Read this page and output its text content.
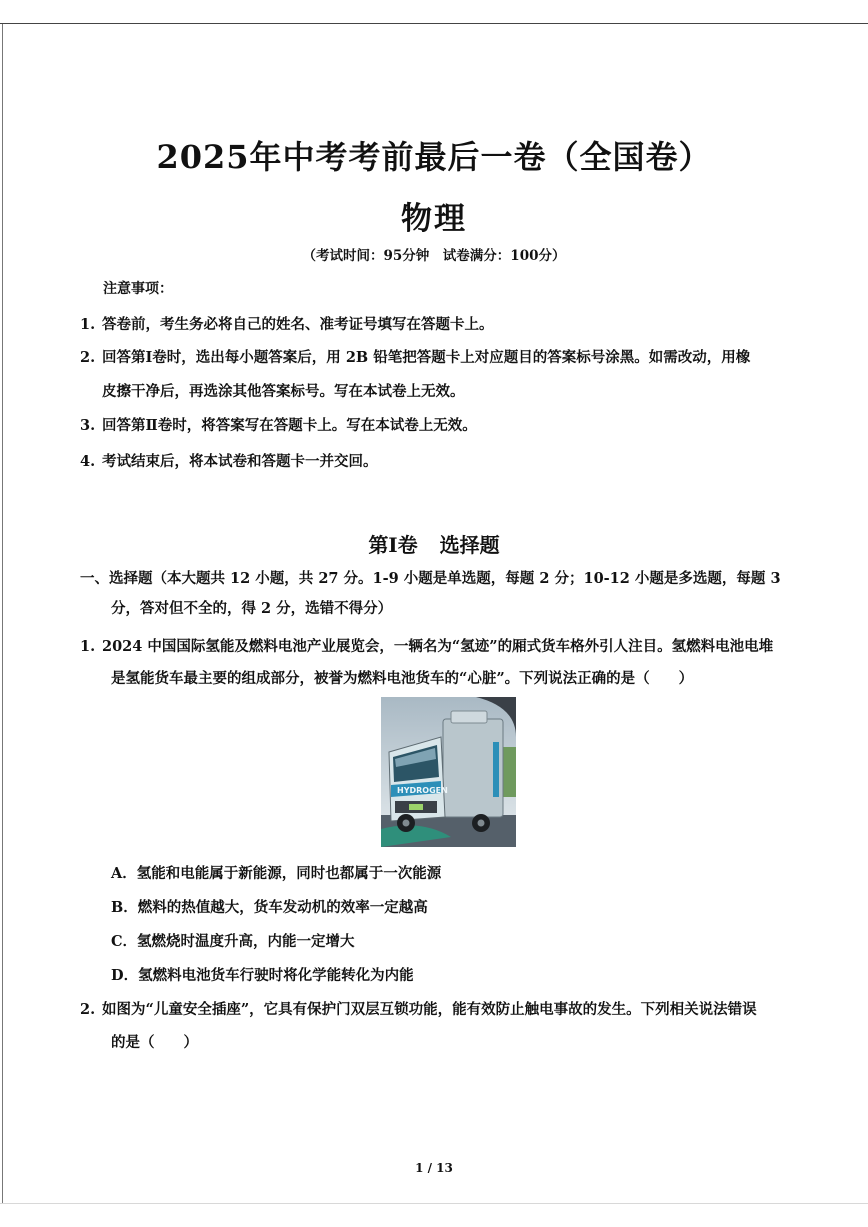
2025年中考考前最后一卷（全国卷）
物理
（考试时间：95分钟　试卷满分：100分）
注意事项：
1. 答卷前，考生务必将自己的姓名、准考证号填写在答题卡上。
2. 回答第Ⅰ卷时，选出每小题答案后，用 2B 铅笔把答题卡上对应题目的答案标号涂黑。如需改动，用橡
皮擦干净后，再选涂其他答案标号。写在本试卷上无效。
3. 回答第Ⅱ卷时，将答案写在答题卡上。写在本试卷上无效。
4. 考试结束后，将本试卷和答题卡一并交回。
第Ⅰ卷 选择题
一、选择题（本大题共 12 小题，共 27 分。1-9 小题是单选题，每题 2 分；10-12 小题是多选题，每题 3
分，答对但不全的，得 2 分，选错不得分）
1. 2024 中国国际氢能及燃料电池产业展览会，一辆名为“氢迹”的厢式货车格外引人注目。氢燃料电池电堆
是氢能货车最主要的组成部分，被誉为燃料电池货车的“心脏”。下列说法正确的是（　　）
HYDROGEN
A．氢能和电能属于新能源，同时也都属于一次能源
B．燃料的热值越大，货车发动机的效率一定越高
C．氢燃烧时温度升高，内能一定增大
D．氢燃料电池货车行驶时将化学能转化为内能
2. 如图为“儿童安全插座”，它具有保护门双层互锁功能，能有效防止触电事故的发生。下列相关说法错误
的是（　　）
1 / 13
